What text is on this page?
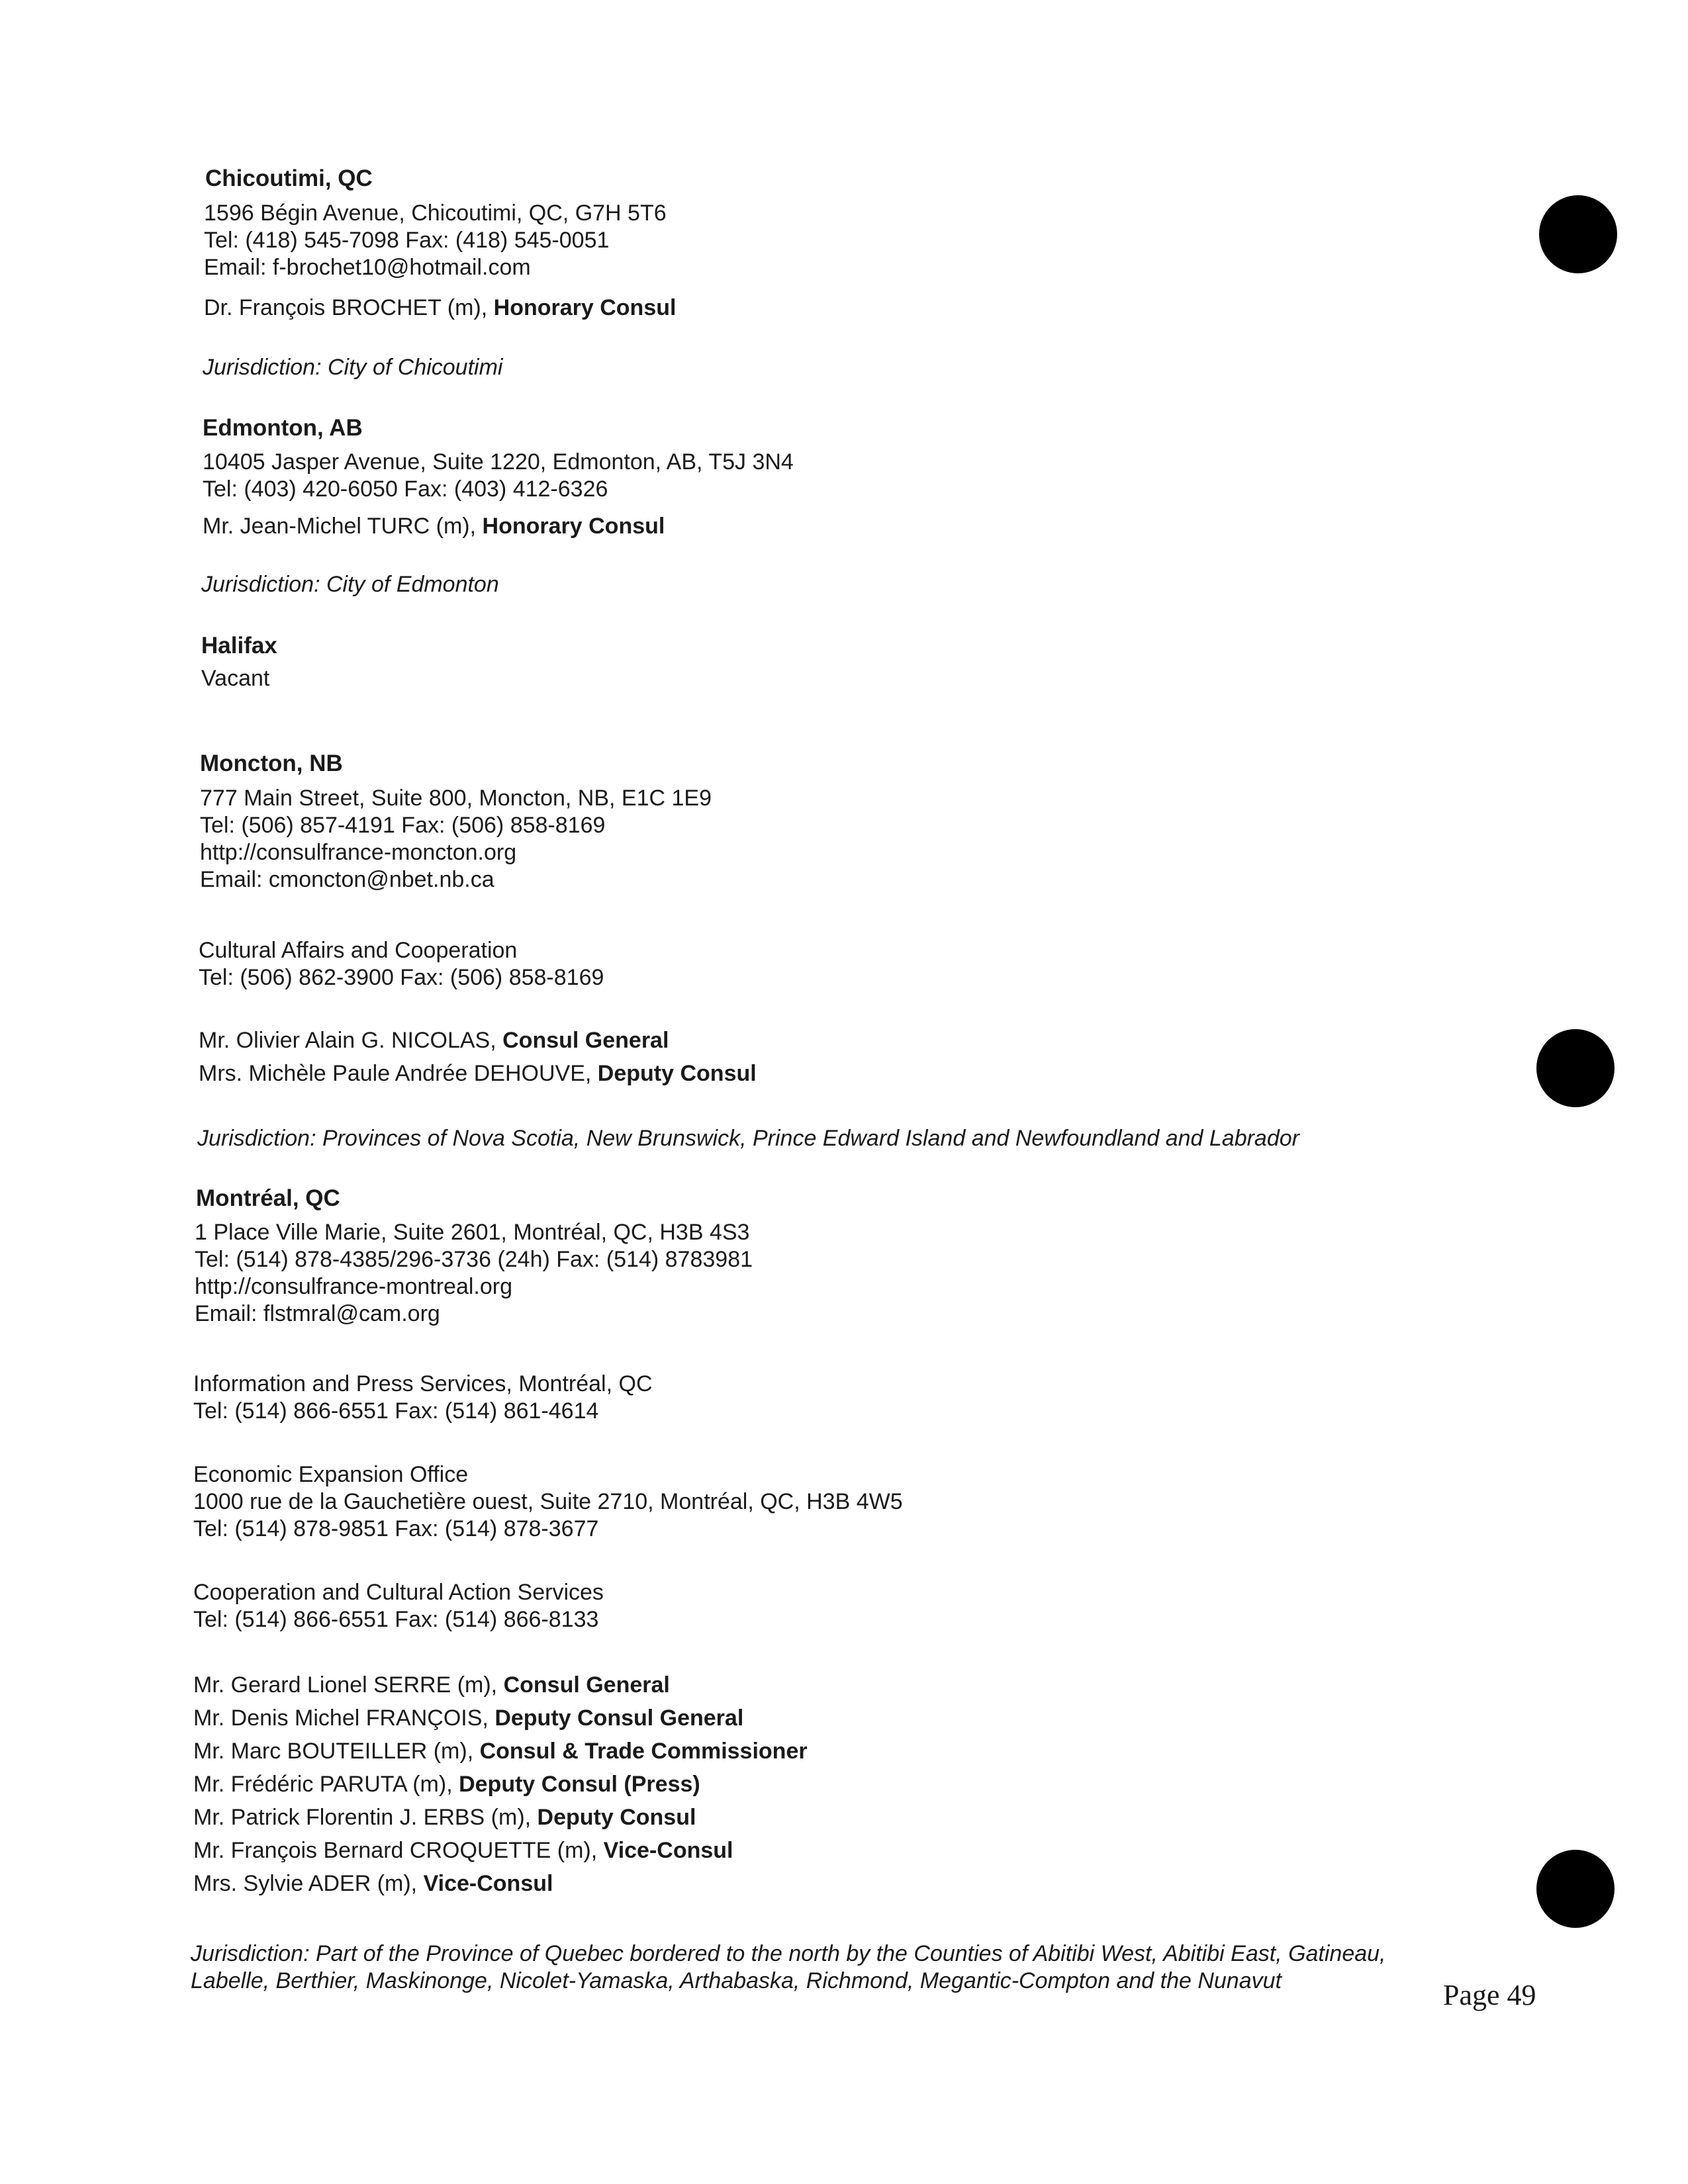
Chicoutimi, QC
1596 Bégin Avenue, Chicoutimi, QC, G7H 5T6
Tel: (418) 545-7098 Fax: (418) 545-0051
Email: f-brochet10@hotmail.com
Dr. François BROCHET (m), Honorary Consul
Jurisdiction: City of Chicoutimi
Edmonton, AB
10405 Jasper Avenue, Suite 1220, Edmonton, AB, T5J 3N4
Tel: (403) 420-6050 Fax: (403) 412-6326
Mr. Jean-Michel TURC (m), Honorary Consul
Jurisdiction: City of Edmonton
Halifax
Vacant
Moncton, NB
777 Main Street, Suite 800, Moncton, NB, E1C 1E9
Tel: (506) 857-4191 Fax: (506) 858-8169
http://consulfrance-moncton.org
Email: cmoncton@nbet.nb.ca
Cultural Affairs and Cooperation
Tel: (506) 862-3900 Fax: (506) 858-8169
Mr. Olivier Alain G. NICOLAS, Consul General
Mrs. Michèle Paule Andrée DEHOUVE, Deputy Consul
Jurisdiction: Provinces of Nova Scotia, New Brunswick, Prince Edward Island and Newfoundland and Labrador
Montréal, QC
1 Place Ville Marie, Suite 2601, Montréal, QC, H3B 4S3
Tel: (514) 878-4385/296-3736 (24h) Fax: (514) 8783981
http://consulfrance-montreal.org
Email: flstmral@cam.org
Information and Press Services, Montréal, QC
Tel: (514) 866-6551 Fax: (514) 861-4614
Economic Expansion Office
1000 rue de la Gauchetière ouest, Suite 2710, Montréal, QC, H3B 4W5
Tel: (514) 878-9851 Fax: (514) 878-3677
Cooperation and Cultural Action Services
Tel: (514) 866-6551 Fax: (514) 866-8133
Mr. Gerard Lionel SERRE (m), Consul General
Mr. Denis Michel FRANÇOIS, Deputy Consul General
Mr. Marc BOUTEILLER (m), Consul & Trade Commissioner
Mr. Frédéric PARUTA (m), Deputy Consul (Press)
Mr. Patrick Florentin J. ERBS (m), Deputy Consul
Mr. François Bernard CROQUETTE (m), Vice-Consul
Mrs. Sylvie ADER (m), Vice-Consul
Jurisdiction: Part of the Province of Quebec bordered to the north by the Counties of Abitibi West, Abitibi East, Gatineau,
Labelle, Berthier, Maskinonge, Nicolet-Yamaska, Arthabaska, Richmond, Megantic-Compton and the Nunavut	Page 49
